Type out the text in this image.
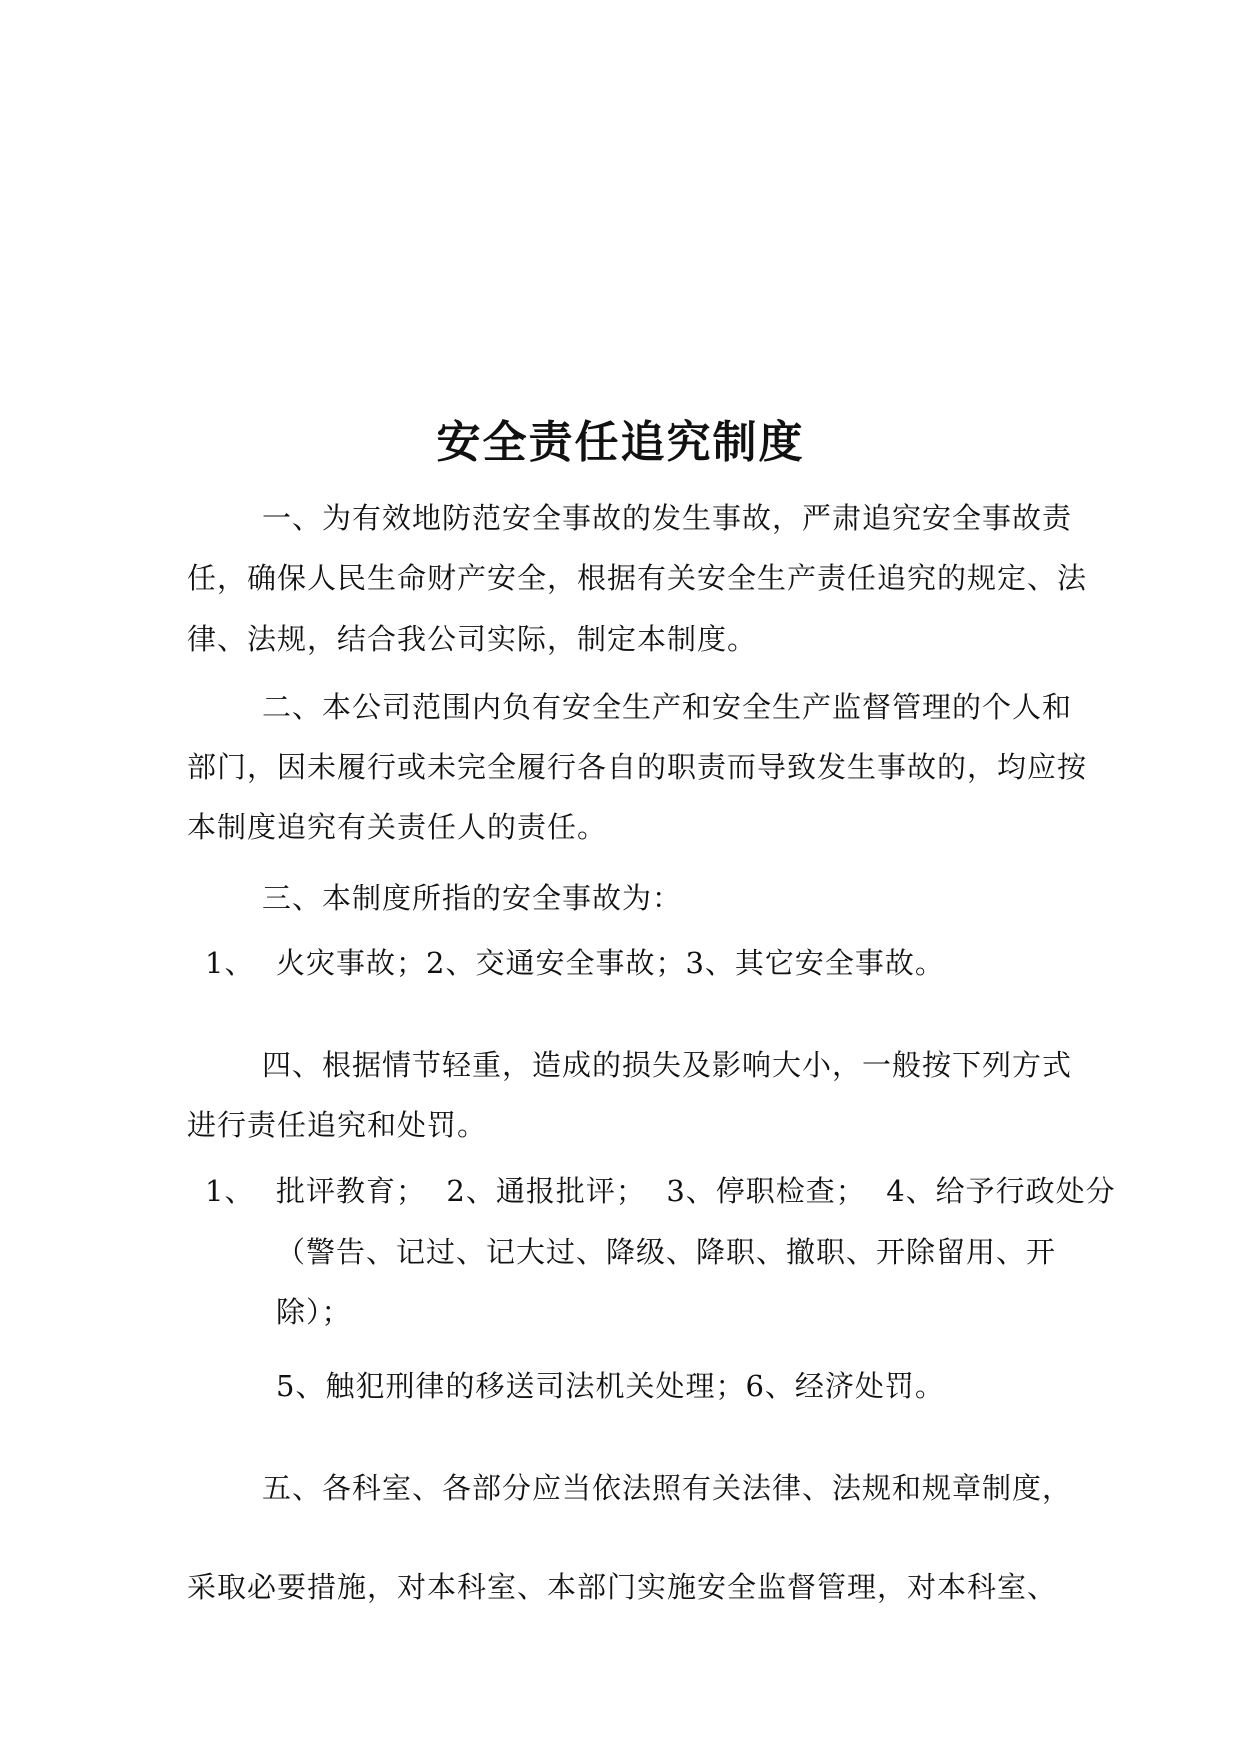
安全责任追究制度
一、为有效地防范安全事故的发生事故，严肃追究安全事故责
任，确保人民生命财产安全，根据有关安全生产责任追究的规定、法
律、法规，结合我公司实际，制定本制度。
二、本公司范围内负有安全生产和安全生产监督管理的个人和
部门，因未履行或未完全履行各自的职责而导致发生事故的，均应按
本制度追究有关责任人的责任。
三、本制度所指的安全事故为：
1、 火灾事故；2、交通安全事故；3、其它安全事故。
四、根据情节轻重，造成的损失及影响大小，一般按下列方式
进行责任追究和处罚。
1、 批评教育；  2、通报批评；  3、停职检查；  4、给予行政处分
（警告、记过、记大过、降级、降职、撤职、开除留用、开
除）；
5、触犯刑律的移送司法机关处理；6、经济处罚。
五、各科室、各部分应当依法照有关法律、法规和规章制度，
采取必要措施，对本科室、本部门实施安全监督管理，对本科室、
